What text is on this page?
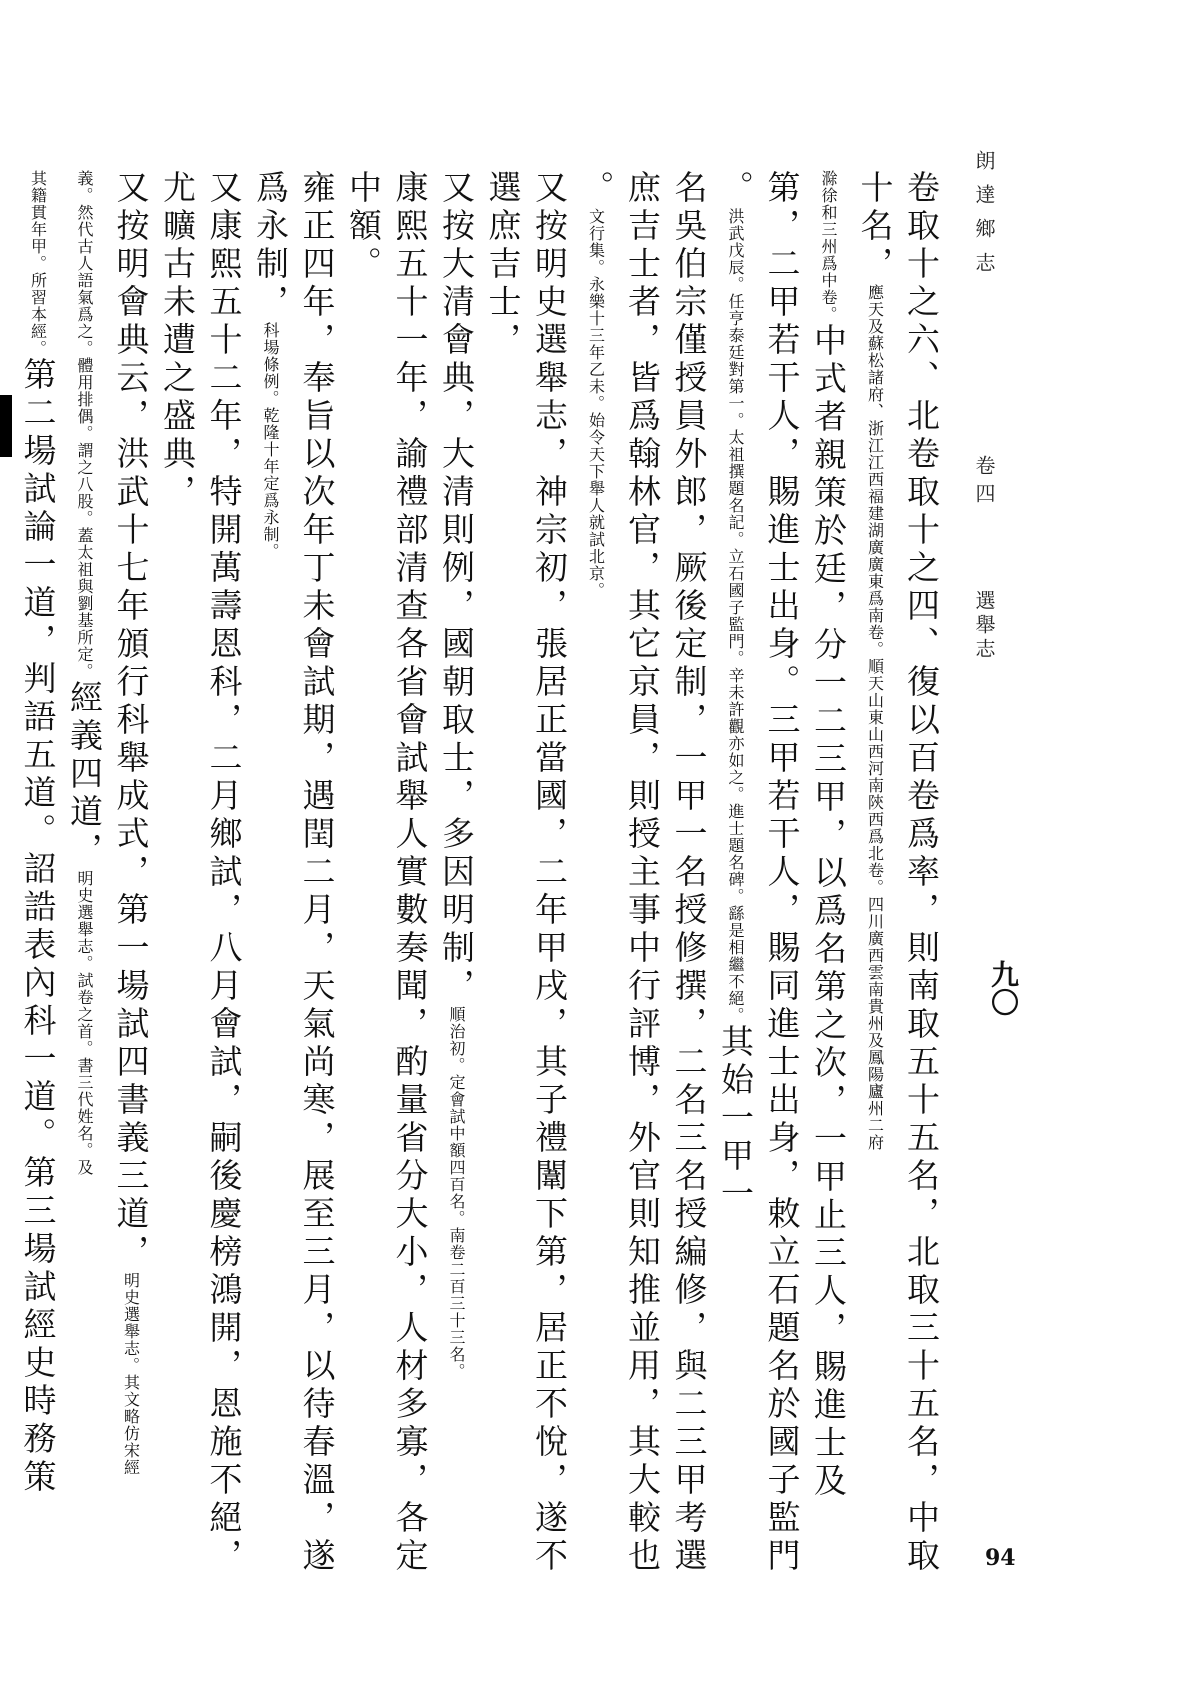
朗達鄉志
卷四
選舉志
九〇
卷取十之六、北卷取十之四、復以百卷爲率，則南取五十五名，北取三十五名，中取
十名，應天及蘇松諸府、浙江江西福建湖廣廣東爲南卷。順天山東山西河南陝西爲北卷。四川廣西雲南貴州及鳳陽廬州二府
滁徐和三州爲中卷。中式者親策於廷，分一二三甲，以爲名第之次，一甲止三人，賜進士及
第，二甲若干人，賜進士出身。三甲若干人，賜同進士出身，敕立石題名於國子監門
。洪武戊辰。任亨泰廷對第一。太祖撰題名記。立石國子監門。辛未許觀亦如之。進士題名碑。繇是相繼不絕。其始一甲一
名吳伯宗僅授員外郎，厥後定制，一甲一名授修撰，二名三名授編修，與二三甲考選
庶吉士者，皆爲翰林官，其它京員，則授主事中行評博，外官則知推並用，其大較也
。文行集。永樂十三年乙未。始令天下舉人就試北京。
又按明史選舉志，神宗初，張居正當國，二年甲戌，其子禮闈下第，居正不悅，遂不
選庶吉士，
又按大清會典，大清則例，國朝取士，多因明制，順治初。定會試中額四百名。南卷二百三十三名。
康熙五十一年，諭禮部清查各省會試舉人實數奏聞，酌量省分大小，人材多寡，各定
中額。
雍正四年，奉旨以次年丁未會試期，遇閏二月，天氣尚寒，展至三月，以待春溫，遂
爲永制，科場條例。乾隆十年定爲永制。
又康熙五十二年，特開萬壽恩科，二月鄉試，八月會試，嗣後慶榜鴻開，恩施不絕，
尤曠古未遭之盛典，
又按明會典云，洪武十七年頒行科舉成式，第一場試四書義三道，明史選舉志。其文略仿宋經
義。然代古人語氣爲之。體用排偶。謂之八股。蓋太祖與劉基所定。經義四道，明史選舉志。試卷之首。書三代姓名。及
其籍貫年甲。所習本經。第二場試論一道，判語五道。詔誥表內科一道。第三場試經史時務策
94
